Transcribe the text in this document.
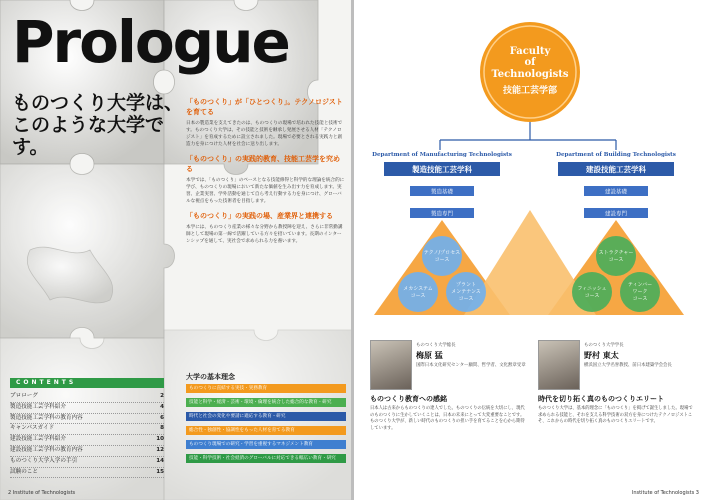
Prologue
ものつくり大学は、
このような大学です。
「ものつくり」が「ひとつくり」。テクノロジストを育てる

日本の製造業を支えてきたのは、ものつくりの現場で培われた技能と技術です。ものつくり大学は、その技能と技術を継承し発展させる人材「テクノロジスト」を育成するために設立されました。現場で必要とされる実践力と創造力を身につけた人材を社会に送り出します。

「ものつくり」の実践的教育、技能工芸学を究める

本学では、「ものつくり」のベースとなる技能修得と科学的な理論を統合的に学び、ものつくりの現場において新たな価値を生み出す力を育成します。実習、企業実習、学外活動を通じて自ら考え行動する力を身につけ、グローバルな視点をもった技術者を目指します。

「ものつくり」の実践の場、産業界と連携する

本学には、ものつくり産業の様々な分野から教授陣を迎え、さらに非常勤講師として現場の第一線で活躍している方々を招いています。長期のインターンシップを通して、実社会で求められる力を養います。

大学の基本理念
ものつくりに直結する実技・実務教育
技能と科学・経済・芸術・環境・倫理を統合した総合的な教育・研究
時代と社会の変化や要請に適応する教育・研究
総合性・独創性・協調性をもった人材を育てる教育
ものつくり現場での研究・学習を重視するマネジメント教育
技能・科学技術・社会経済のグローバルに対応できる幅広い教育・研究
CONTENTS
プロローグ	2
製造技能工芸学科紹介	4
製造技能工芸学科の教育内容	6
キャンパスガイド	8
建設技能工芸学科紹介	10
建設技能工芸学科の教育内容	12
ものつくり大学入学の手引	14
試験のこと	15
2 Institute of Technologists
Faculty
of
Technologists
技能工芸学部
Department of Manufacturing Technologists	Department of Building Technologists
製造技能工芸学科	建設技能工芸学科
製造基礎
製造専門
建設基礎
建設専門
テクノ/プロセス
コース
メカシステム
コース
プラント
メンテナンス
コース
ストラクチャー
コース
フィニッシュ
コース
ティンバー
ワーク
コース
ものつくり大学総長
梅原 猛
国際日本文化研究センター顧問、哲学者、文化勲章受章
ものつくり教育への感銘
日本人は古来からものつくりの達人でした。ものつくりの伝統を大切にし、現代のものつくりに生かしていくことは、日本の未来にとって大変重要なことです。ものつくり大学が、新しい時代のものつくりの担い手を育てることを心から期待しています。
ものつくり大学学長
野村 東太
横浜国立大学名誉教授、前日本建築学会会長
時代を切り拓く真のものつくりエリート
ものつくり大学は、基本的理念に「ものつくり」を掲げて誕生しました。現場で求められる技能と、それを支える科学技術の双方を身につけたテクノロジストこそ、これからの時代を切り拓く真のものつくりエリートです。
Institute of Technologists 3
